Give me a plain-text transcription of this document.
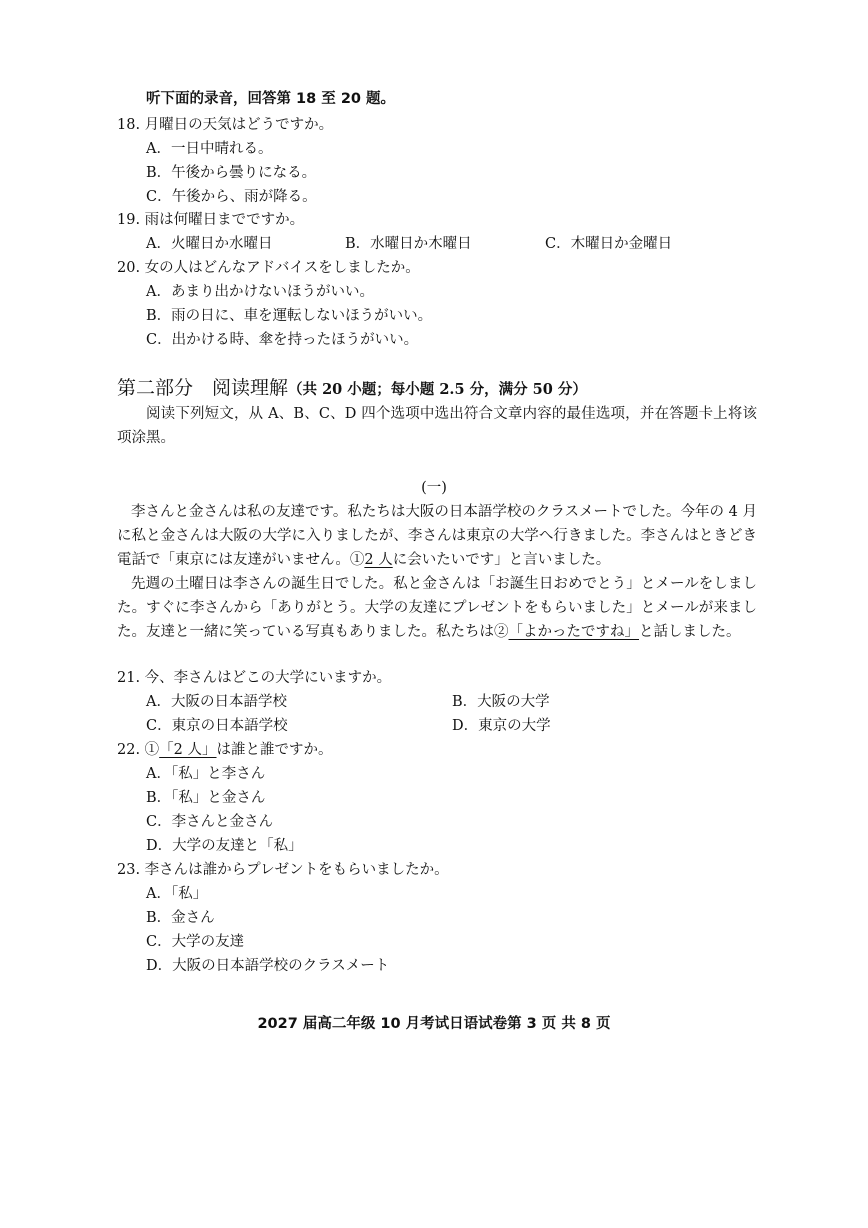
听下面的录音，回答第 18 至 20 题。
18. 月曜日の天気はどうですか。
A．一日中晴れる。
B．午後から曇りになる。
C．午後から、雨が降る。
19. 雨は何曜日までですか。
A．火曜日か水曜日	B．水曜日か木曜日	C．木曜日か金曜日
20. 女の人はどんなアドバイスをしましたか。
A．あまり出かけないほうがいい。
B．雨の日に、車を運転しないほうがいい。
C．出かける時、傘を持ったほうがいい。
第二部分　阅读理解（共 20 小题；每小题 2.5 分，满分 50 分）
阅读下列短文，从 A、B、C、D 四个选项中选出符合文章内容的最佳选项，并在答题卡上将该项涂黑。
(一)
李さんと金さんは私の友達です。私たちは大阪の日本語学校のクラスメートでした。今年の 4 月に私と金さんは大阪の大学に入りましたが、李さんは東京の大学へ行きました。李さんはときどき電話で「東京には友達がいません。①2 人に会いたいです」と言いました。
先週の土曜日は李さんの誕生日でした。私と金さんは「お誕生日おめでとう」とメールをしました。すぐに李さんから「ありがとう。大学の友達にプレゼントをもらいました」とメールが来ました。友達と一緒に笑っている写真もありました。私たちは②「よかったですね」と話しました。
21. 今、李さんはどこの大学にいますか。
A．大阪の日本語学校	B．大阪の大学
C．東京の日本語学校	D．東京の大学
22. ①「2 人」は誰と誰ですか。
A．「私」と李さん
B．「私」と金さん
C．李さんと金さん
D．大学の友達と「私」
23. 李さんは誰からプレゼントをもらいましたか。
A．「私」
B．金さん
C．大学の友達
D．大阪の日本語学校のクラスメート
2027 届高二年级 10 月考试日语试卷第 3 页 共 8 页
